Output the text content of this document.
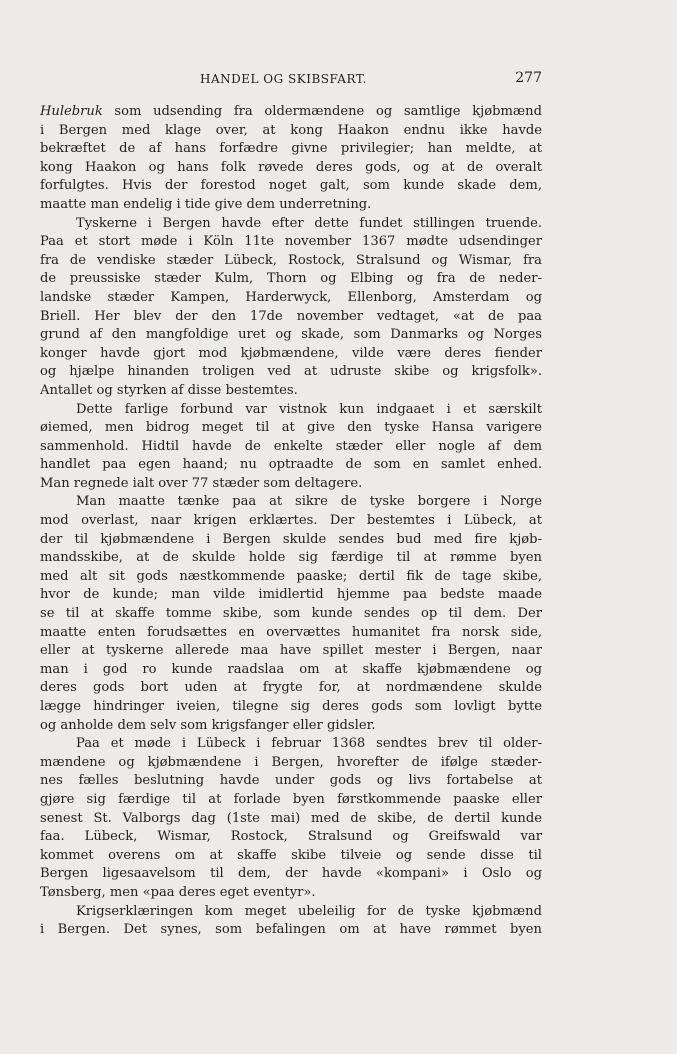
HANDEL OG SKIBSFART.	277
Hulebruk som udsending fra oldermændene og samtlige kjøbmænd
i Bergen med klage over, at kong Haakon endnu ikke havde
bekræftet de af hans forfædre givne privilegier; han meldte, at
kong Haakon og hans folk røvede deres gods, og at de overalt
forfulgtes. Hvis der forestod noget galt, som kunde skade dem,
maatte man endelig i tide give dem underretning.
Tyskerne i Bergen havde efter dette fundet stillingen truende.
Paa et stort møde i Köln 11te november 1367 mødte udsendinger
fra de vendiske stæder Lübeck, Rostock, Stralsund og Wismar, fra
de preussiske stæder Kulm, Thorn og Elbing og fra de neder-
landske stæder Kampen, Harderwyck, Ellenborg, Amsterdam og
Briell. Her blev der den 17de november vedtaget, «at de paa
grund af den mangfoldige uret og skade, som Danmarks og Norges
konger havde gjort mod kjøbmændene, vilde være deres fiender
og hjælpe hinanden troligen ved at udruste skibe og krigsfolk».
Antallet og styrken af disse bestemtes.
Dette farlige forbund var vistnok kun indgaaet i et særskilt
øiemed, men bidrog meget til at give den tyske Hansa varigere
sammenhold. Hidtil havde de enkelte stæder eller nogle af dem
handlet paa egen haand; nu optraadte de som en samlet enhed.
Man regnede ialt over 77 stæder som deltagere.
Man maatte tænke paa at sikre de tyske borgere i Norge
mod overlast, naar krigen erklærtes. Der bestemtes i Lübeck, at
der til kjøbmændene i Bergen skulde sendes bud med fire kjøb-
mandsskibe, at de skulde holde sig færdige til at rømme byen
med alt sit gods næstkommende paaske; dertil fik de tage skibe,
hvor de kunde; man vilde imidlertid hjemme paa bedste maade
se til at skaffe tomme skibe, som kunde sendes op til dem. Der
maatte enten forudsættes en overvættes humanitet fra norsk side,
eller at tyskerne allerede maa have spillet mester i Bergen, naar
man i god ro kunde raadslaa om at skaffe kjøbmændene og
deres gods bort uden at frygte for, at nordmændene skulde
lægge hindringer iveien, tilegne sig deres gods som lovligt bytte
og anholde dem selv som krigsfanger eller gidsler.
Paa et møde i Lübeck i februar 1368 sendtes brev til older-
mændene og kjøbmændene i Bergen, hvorefter de ifølge stæder-
nes fælles beslutning havde under gods og livs fortabelse at
gjøre sig færdige til at forlade byen førstkommende paaske eller
senest St. Valborgs dag (1ste mai) med de skibe, de dertil kunde
faa. Lübeck, Wismar, Rostock, Stralsund og Greifswald var
kommet overens om at skaffe skibe tilveie og sende disse til
Bergen ligesaavelsom til dem, der havde «kompani» i Oslo og
Tønsberg, men «paa deres eget eventyr».
Krigserklæringen kom meget ubeleilig for de tyske kjøbmænd
i Bergen. Det synes, som befalingen om at have rømmet byen
